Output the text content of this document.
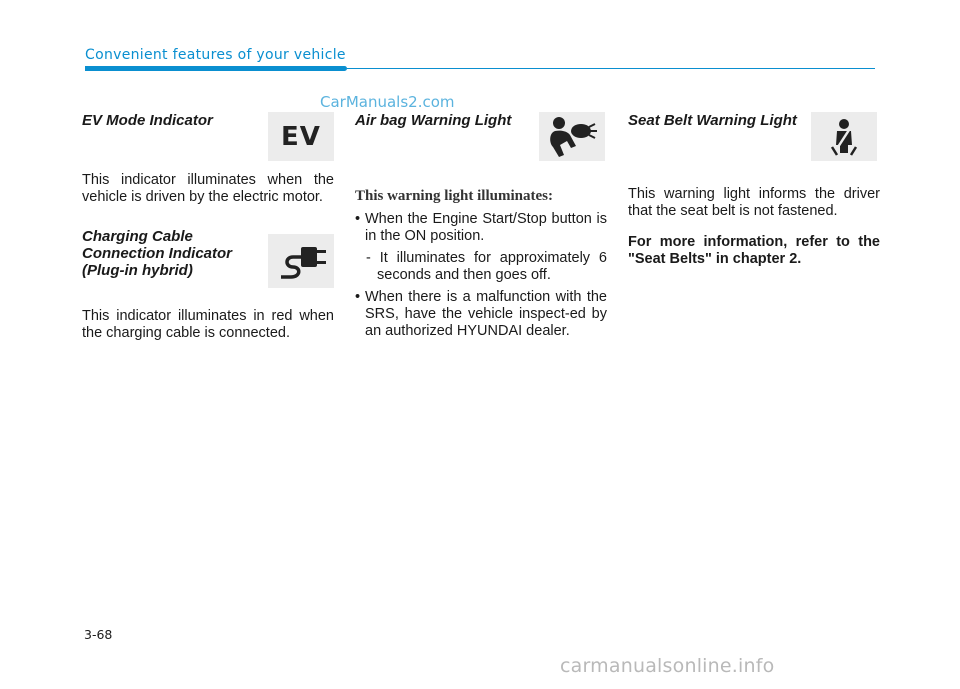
Convenient features of your vehicle
CarManuals2.com

EV Mode Indicator

EV

This indicator illuminates when the vehicle is driven by the electric motor.

Charging Cable

Connection Indicator

(Plug-in hybrid)

This indicator illuminates in red when the charging cable is connected.

Air bag Warning Light

This warning light illuminates:

• When the Engine Start/Stop button is in the ON position.
- It illuminates for approximately 6 seconds and then goes off.
• When there is a malfunction with the SRS, have the vehicle inspect-ed by an authorized HYUNDAI dealer.

Seat Belt Warning Light

This warning light informs the driver that the seat belt is not fastened.

For more information, refer to the "Seat Belts" in chapter 2.

3-68
carmanualsonline.info
